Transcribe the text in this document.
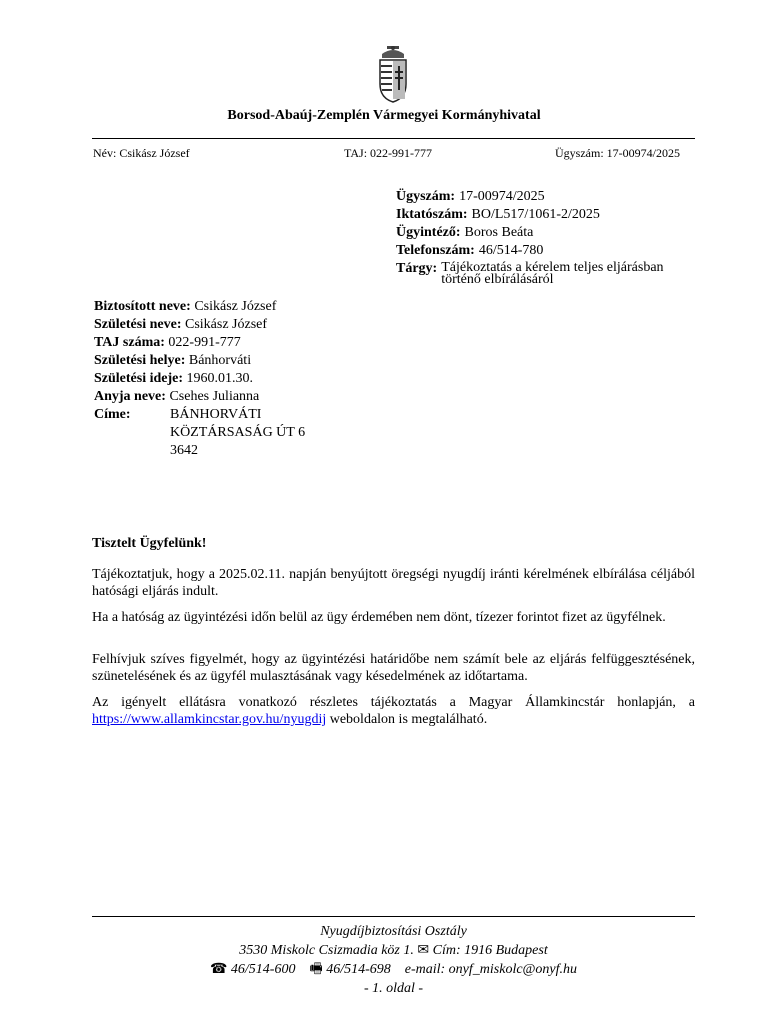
Borsod-Abaúj-Zemplén Vármegyei Kormányhivatal
Név: Csikász József	TAJ: 022-991-777	Ügyszám: 17-00974/2025
Ügyszám: 17-00974/2025
Iktatószám: BO/L517/1061-2/2025
Ügyintéző: Boros Beáta
Telefonszám: 46/514-780
Tárgy: Tájékoztatás a kérelem teljes eljárásban történő elbírálásáról
Biztosított neve: Csikász József
Születési neve: Csikász József
TAJ száma: 022-991-777
Születési helye: Bánhorváti
Születési ideje: 1960.01.30.
Anyja neve: Csehes Julianna
Címe:	BÁNHORVÁTI
KÖZTÁRSASÁG ÚT 6
3642
Tisztelt Ügyfelünk!
Tájékoztatjuk, hogy a 2025.02.11. napján benyújtott öregségi nyugdíj iránti kérelmének elbírálása céljából hatósági eljárás indult.
Ha a hatóság az ügyintézési időn belül az ügy érdemében nem dönt, tízezer forintot fizet az ügyfélnek.
Felhívjuk szíves figyelmét, hogy az ügyintézési határidőbe nem számít bele az eljárás felfüggesztésének, szünetelésének és az ügyfél mulasztásának vagy késedelmének az időtartama.
Az igényelt ellátásra vonatkozó részletes tájékoztatás a Magyar Államkincstár honlapján, a https://www.allamkincstar.gov.hu/nyugdij weboldalon is megtalálható.
Nyugdíjbiztosítási Osztály
3530 Miskolc Csizmadia köz 1. ✉ Cím: 1916 Budapest
☎ 46/514-600 🖷 46/514-698 e-mail: onyf_miskolc@onyf.hu
- 1. oldal -
